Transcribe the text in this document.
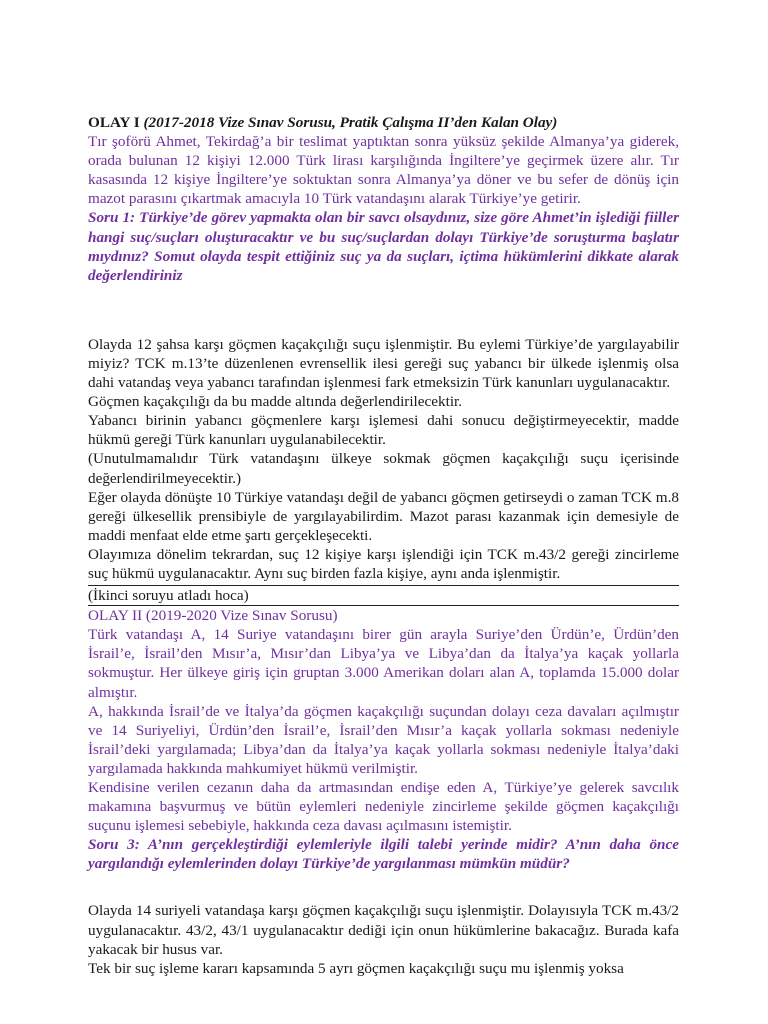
OLAY I (2017-2018 Vize Sınav Sorusu, Pratik Çalışma II’den Kalan Olay)

Tır şoförü Ahmet, Tekirdağ’a bir teslimat yaptıktan sonra yüksüz şekilde Almanya’ya giderek, orada bulunan 12 kişiyi 12.000 Türk lirası karşılığında İngiltere’ye geçirmek üzere alır. Tır kasasında 12 kişiye İngiltere’ye soktuktan sonra Almanya’ya döner ve bu sefer de dönüş için mazot parasını çıkartmak amacıyla 10 Türk vatandaşını alarak Türkiye’ye getirir.

Soru 1: Türkiye’de görev yapmakta olan bir savcı olsaydınız, size göre Ahmet’in işlediği fiiller hangi suç/suçları oluşturacaktır ve bu suç/suçlardan dolayı Türkiye’de soruşturma başlatır mıydınız? Somut olayda tespit ettiğiniz suç ya da suçları, içtima hükümlerini dikkate alarak değerlendiriniz

Olayda 12 şahsa karşı göçmen kaçakçılığı suçu işlenmiştir. Bu eylemi Türkiye’de yargılayabilir miyiz? TCK m.13’te düzenlenen evrensellik ilesi gereği suç yabancı bir ülkede işlenmiş olsa dahi vatandaş veya yabancı tarafından işlenmesi fark etmeksizin Türk kanunları uygulanacaktır.

Göçmen kaçakçılığı da bu madde altında değerlendirilecektir.

Yabancı birinin yabancı göçmenlere karşı işlemesi dahi sonucu değiştirmeyecektir, madde hükmü gereği Türk kanunları uygulanabilecektir.

(Unutulmamalıdır Türk vatandaşını ülkeye sokmak göçmen kaçakçılığı suçu içerisinde değerlendirilmeyecektir.)

Eğer olayda dönüşte 10 Türkiye vatandaşı değil de yabancı göçmen getirseydi o zaman TCK m.8 gereği ülkesellik prensibiyle de yargılayabilirdim. Mazot parası kazanmak için demesiyle de maddi menfaat elde etme şartı gerçekleşecekti.

Olayımıza dönelim tekrardan, suç 12 kişiye karşı işlendiği için TCK m.43/2 gereği zincirleme suç hükmü uygulanacaktır. Aynı suç birden fazla kişiye, aynı anda işlenmiştir.

(İkinci soruyu atladı hoca)

OLAY II (2019-2020 Vize Sınav Sorusu)

Türk vatandaşı A, 14 Suriye vatandaşını birer gün arayla Suriye’den Ürdün’e, Ürdün’den İsrail’e, İsrail’den Mısır’a, Mısır’dan Libya’ya ve Libya’dan da İtalya’ya kaçak yollarla sokmuştur. Her ülkeye giriş için gruptan 3.000 Amerikan doları alan A, toplamda 15.000 dolar almıştır.

A, hakkında İsrail’de ve İtalya’da göçmen kaçakçılığı suçundan dolayı ceza davaları açılmıştır ve 14 Suriyeliyi, Ürdün’den İsrail’e, İsrail’den Mısır’a kaçak yollarla sokması nedeniyle İsrail’deki yargılamada; Libya’dan da İtalya’ya kaçak yollarla sokması nedeniyle İtalya’daki yargılamada hakkında mahkumiyet hükmü verilmiştir.

Kendisine verilen cezanın daha da artmasından endişe eden A, Türkiye’ye gelerek savcılık makamına başvurmuş ve bütün eylemleri nedeniyle zincirleme şekilde göçmen kaçakçılığı suçunu işlemesi sebebiyle, hakkında ceza davası açılmasını istemiştir.

Soru 3: A’nın gerçekleştirdiği eylemleriyle ilgili talebi yerinde midir? A’nın daha önce yargılandığı eylemlerinden dolayı Türkiye’de yargılanması mümkün müdür?

Olayda 14 suriyeli vatandaşa karşı göçmen kaçakçılığı suçu işlenmiştir. Dolayısıyla TCK m.43/2 uygulanacaktır. 43/2, 43/1 uygulanacaktır dediği için onun hükümlerine bakacağız. Burada kafa yakacak bir husus var.

Tek bir suç işleme kararı kapsamında 5 ayrı göçmen kaçakçılığı suçu mu işlenmiş yoksa
